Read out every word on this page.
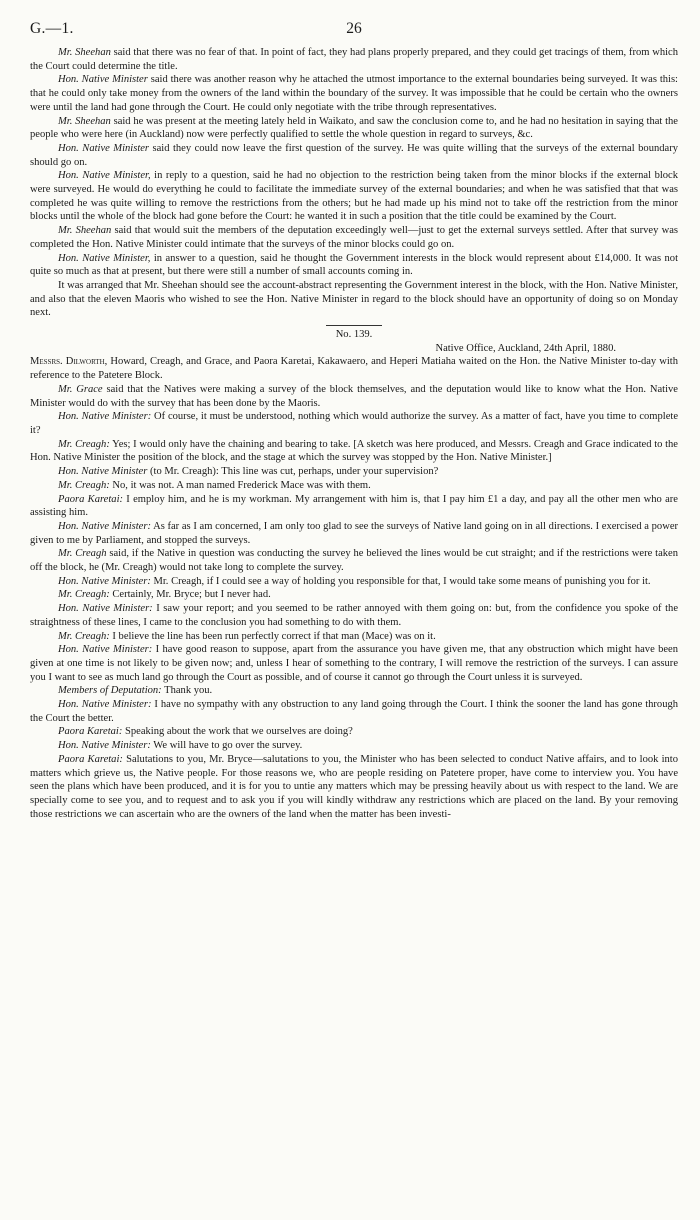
G.—1.	26

Mr. Sheehan said that there was no fear of that. In point of fact, they had plans properly prepared, and they could get tracings of them, from which the Court could determine the title.

Hon. Native Minister said there was another reason why he attached the utmost importance to the external boundaries being surveyed. It was this: that he could only take money from the owners of the land within the boundary of the survey. It was impossible that he could be certain who the owners were until the land had gone through the Court. He could only negotiate with the tribe through representatives.

Mr. Sheehan said he was present at the meeting lately held in Waikato, and saw the conclusion come to, and he had no hesitation in saying that the people who were here (in Auckland) now were perfectly qualified to settle the whole question in regard to surveys, &c.

Hon. Native Minister said they could now leave the first question of the survey. He was quite willing that the surveys of the external boundary should go on.

Hon. Native Minister, in reply to a question, said he had no objection to the restriction being taken from the minor blocks if the external block were surveyed. He would do everything he could to facilitate the immediate survey of the external boundaries; and when he was satisfied that that was completed he was quite willing to remove the restrictions from the others; but he had made up his mind not to take off the restriction from the minor blocks until the whole of the block had gone before the Court: he wanted it in such a position that the title could be examined by the Court.

Mr. Sheehan said that would suit the members of the deputation exceedingly well—just to get the external surveys settled. After that survey was completed the Hon. Native Minister could intimate that the surveys of the minor blocks could go on.

Hon. Native Minister, in answer to a question, said he thought the Government interests in the block would represent about £14,000. It was not quite so much as that at present, but there were still a number of small accounts coming in.

It was arranged that Mr. Sheehan should see the account-abstract representing the Government interest in the block, with the Hon. Native Minister, and also that the eleven Maoris who wished to see the Hon. Native Minister in regard to the block should have an opportunity of doing so on Monday next.

No. 139.

Native Office, Auckland, 24th April, 1880.

Messrs. Dilworth, Howard, Creagh, and Grace, and Paora Karetai, Kakawaero, and Heperi Matiaha waited on the Hon. the Native Minister to-day with reference to the Patetere Block.

Mr. Grace said that the Natives were making a survey of the block themselves, and the deputation would like to know what the Hon. Native Minister would do with the survey that has been done by the Maoris.

Hon. Native Minister: Of course, it must be understood, nothing which would authorize the survey. As a matter of fact, have you time to complete it?

Mr. Creagh: Yes; I would only have the chaining and bearing to take. [A sketch was here produced, and Messrs. Creagh and Grace indicated to the Hon. Native Minister the position of the block, and the stage at which the survey was stopped by the Hon. Native Minister.]

Hon. Native Minister (to Mr. Creagh): This line was cut, perhaps, under your supervision?

Mr. Creagh: No, it was not. A man named Frederick Mace was with them.

Paora Karetai: I employ him, and he is my workman. My arrangement with him is, that I pay him £1 a day, and pay all the other men who are assisting him.

Hon. Native Minister: As far as I am concerned, I am only too glad to see the surveys of Native land going on in all directions. I exercised a power given to me by Parliament, and stopped the surveys.

Mr. Creagh said, if the Native in question was conducting the survey he believed the lines would be cut straight; and if the restrictions were taken off the block, he (Mr. Creagh) would not take long to complete the survey.

Hon. Native Minister: Mr. Creagh, if I could see a way of holding you responsible for that, I would take some means of punishing you for it.

Mr. Creagh: Certainly, Mr. Bryce; but I never had.

Hon. Native Minister: I saw your report; and you seemed to be rather annoyed with them going on: but, from the confidence you spoke of the straightness of these lines, I came to the conclusion you had something to do with them.

Mr. Creagh: I believe the line has been run perfectly correct if that man (Mace) was on it.

Hon. Native Minister: I have good reason to suppose, apart from the assurance you have given me, that any obstruction which might have been given at one time is not likely to be given now; and, unless I hear of something to the contrary, I will remove the restriction of the surveys. I can assure you I want to see as much land go through the Court as possible, and of course it cannot go through the Court unless it is surveyed.

Members of Deputation: Thank you.

Hon. Native Minister: I have no sympathy with any obstruction to any land going through the Court. I think the sooner the land has gone through the Court the better.

Paora Karetai: Speaking about the work that we ourselves are doing?

Hon. Native Minister: We will have to go over the survey.

Paora Karetai: Salutations to you, Mr. Bryce—salutations to you, the Minister who has been selected to conduct Native affairs, and to look into matters which grieve us, the Native people. For those reasons we, who are people residing on Patetere proper, have come to interview you. You have seen the plans which have been produced, and it is for you to untie any matters which may be pressing heavily about us with respect to the land. We are specially come to see you, and to request and to ask you if you will kindly withdraw any restrictions which are placed on the land. By your removing those restrictions we can ascertain who are the owners of the land when the matter has been investi-
